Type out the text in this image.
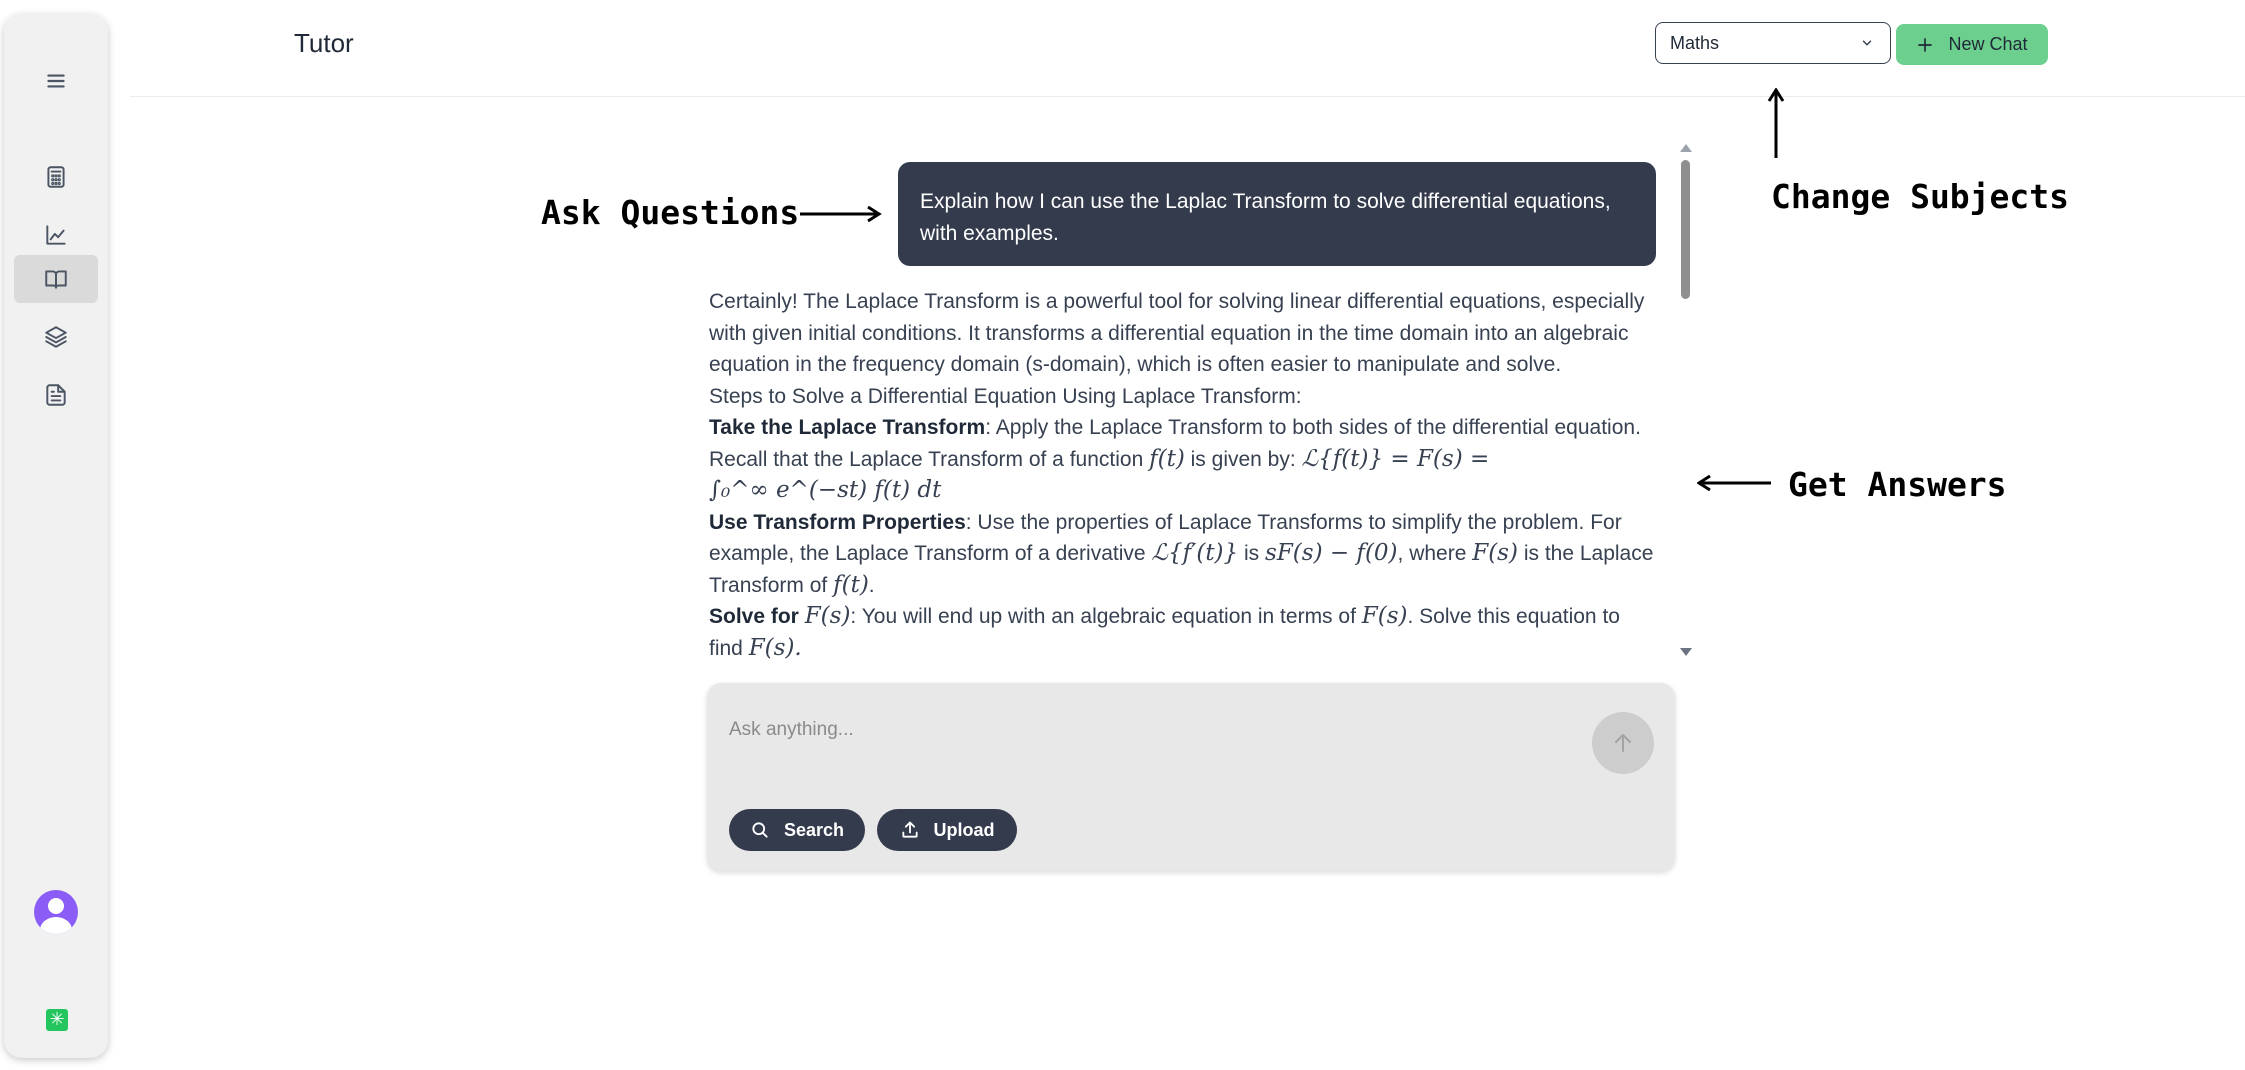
✳
Tutor	Maths	New Chat
Ask Questions	Change Subjects
Get Answers
Explain how I can use the Laplac Transform to solve differential equations, with examples.

Certainly! The Laplace Transform is a powerful tool for solving linear differential equations, especially with given initial conditions. It transforms a differential equation in the time domain into an algebraic equation in the frequency domain (s-domain), which is often easier to manipulate and solve.

Steps to Solve a Differential Equation Using Laplace Transform:

Take the Laplace Transform: Apply the Laplace Transform to both sides of the differential equation. Recall that the Laplace Transform of a function f(t) is given by: ℒ{f(t)} = F(s) =
∫₀^∞ e^(−st) f(t) dt

Use Transform Properties: Use the properties of Laplace Transforms to simplify the problem. For example, the Laplace Transform of a derivative ℒ{f′(t)} is sF(s) − f(0), where F(s) is the Laplace Transform of f(t).

Solve for F(s): You will end up with an algebraic equation in terms of F(s). Solve this equation to find F(s).

Ask anything...
Search	Upload
